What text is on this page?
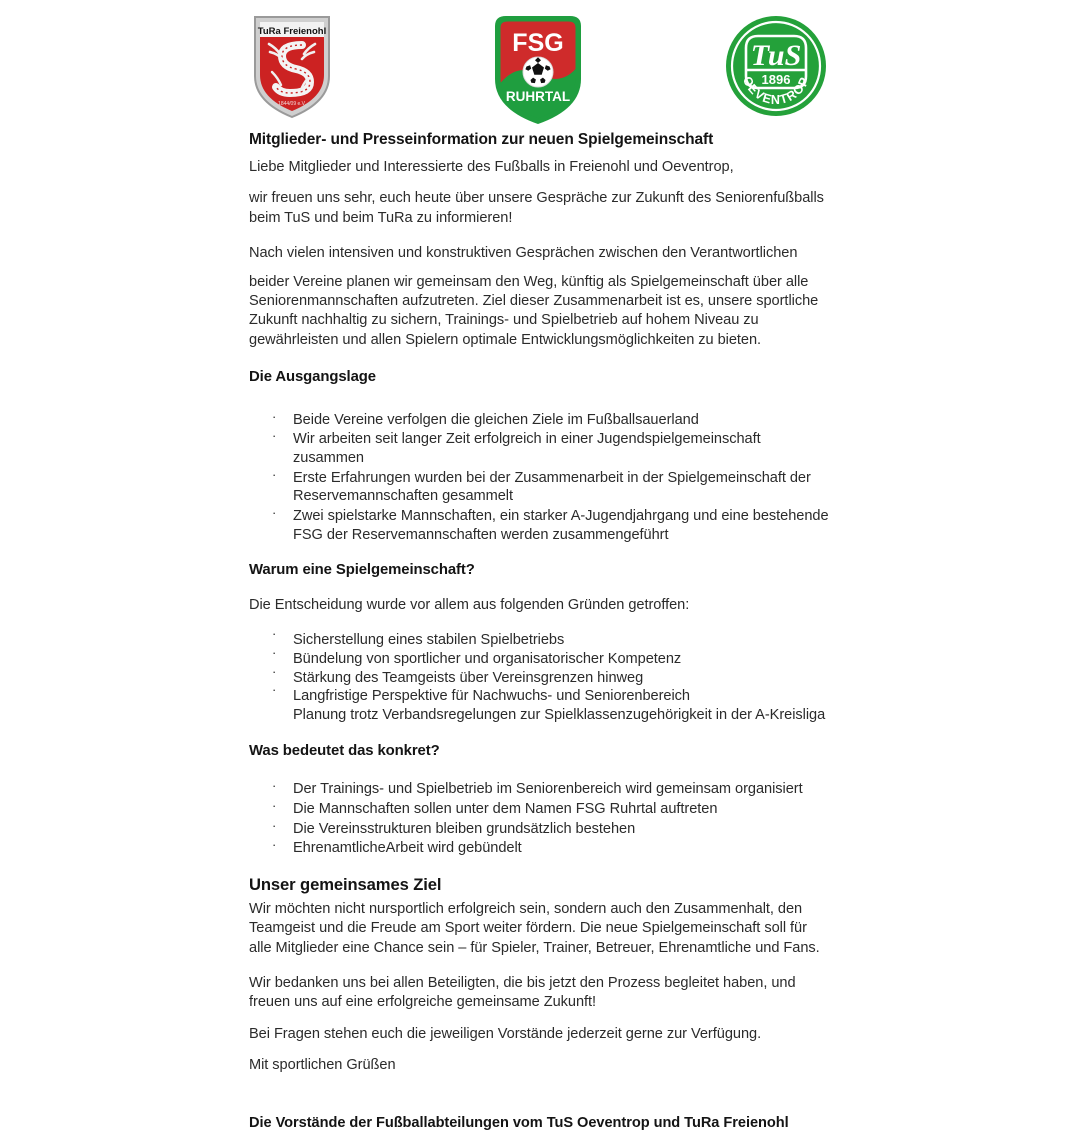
TuRa Freienohl
1844/09 e.V.
FSG
RUHRTAL
TuS
1896
OEVENTROP
Mitglieder- und Presseinformation zur neuen Spielgemeinschaft

Liebe Mitglieder und Interessierte des Fußballs in Freienohl und Oeventrop,

wir freuen uns sehr, euch heute über unsere Gespräche zur Zukunft des Seniorenfußballs beim TuS und beim TuRa zu informieren!

Nach vielen intensiven und konstruktiven Gesprächen zwischen den Verantwortlichen

beider Vereine planen wir gemeinsam den Weg, künftig als Spielgemeinschaft über alle Seniorenmannschaften aufzutreten. Ziel dieser Zusammenarbeit ist es, unsere sportliche Zukunft nachhaltig zu sichern, Trainings- und Spielbetrieb auf hohem Niveau zu gewährleisten und allen Spielern optimale Entwicklungsmöglichkeiten zu bieten.

Die Ausgangslage
· Beide Vereine verfolgen die gleichen Ziele im Fußballsauerland
· Wir arbeiten seit langer Zeit erfolgreich in einer Jugendspielgemeinschaft zusammen
· Erste Erfahrungen wurden bei der Zusammenarbeit in der Spielgemeinschaft der Reservemannschaften gesammelt
· Zwei spielstarke Mannschaften, ein starker A-Jugendjahrgang und eine bestehende FSG der Reservemannschaften werden zusammengeführt
Warum eine Spielgemeinschaft?

Die Entscheidung wurde vor allem aus folgenden Gründen getroffen:

· Sicherstellung eines stabilen Spielbetriebs
· Bündelung von sportlicher und organisatorischer Kompetenz
· Stärkung des Teamgeists über Vereinsgrenzen hinweg
· Langfristige Perspektive für Nachwuchs- und Seniorenbereich
Planung trotz Verbandsregelungen zur Spielklassenzugehörigkeit in der A-Kreisliga
Was bedeutet das konkret?
· Der Trainings- und Spielbetrieb im Seniorenbereich wird gemeinsam organisiert
· Die Mannschaften sollen unter dem Namen FSG Ruhrtal auftreten
· Die Vereinsstrukturen bleiben grundsätzlich bestehen
· EhrenamtlicheArbeit wird gebündelt
Unser gemeinsames Ziel

Wir möchten nicht nursportlich erfolgreich sein, sondern auch den Zusammenhalt, den Teamgeist und die Freude am Sport weiter fördern. Die neue Spielgemeinschaft soll für alle Mitglieder eine Chance sein – für Spieler, Trainer, Betreuer, Ehrenamtliche und Fans.

Wir bedanken uns bei allen Beteiligten, die bis jetzt den Prozess begleitet haben, und freuen uns auf eine erfolgreiche gemeinsame Zukunft!

Bei Fragen stehen euch die jeweiligen Vorstände jederzeit gerne zur Verfügung.

Mit sportlichen Grüßen

Die Vorstände der Fußballabteilungen vom TuS Oeventrop und TuRa Freienohl
